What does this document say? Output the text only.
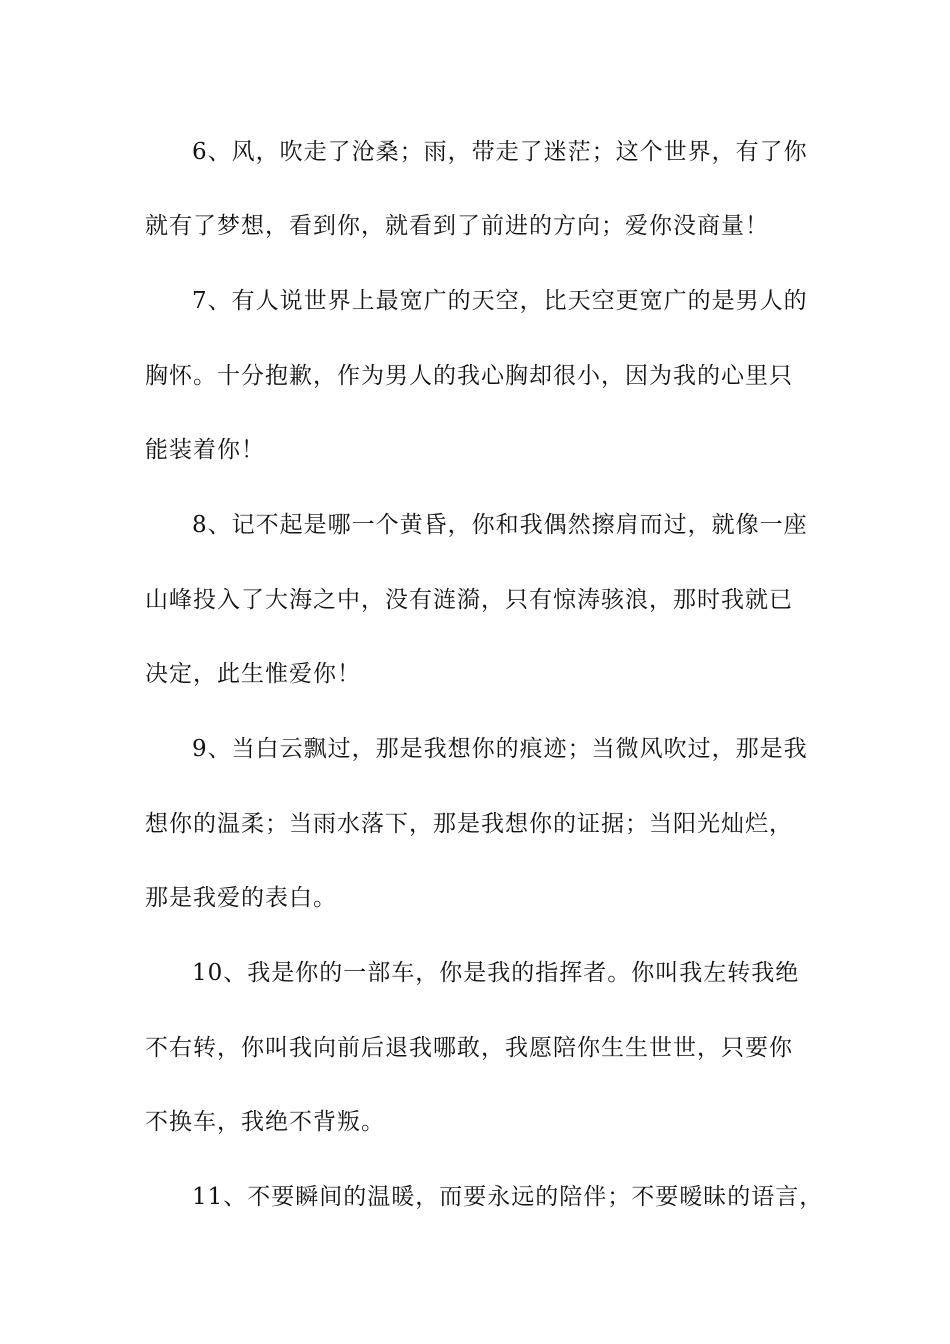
6、风，吹走了沧桑；雨，带走了迷茫；这个世界，有了你
就有了梦想，看到你，就看到了前进的方向；爱你没商量！
7、有人说世界上最宽广的天空，比天空更宽广的是男人的
胸怀。十分抱歉，作为男人的我心胸却很小，因为我的心里只
能装着你！
8、记不起是哪一个黄昏，你和我偶然擦肩而过，就像一座
山峰投入了大海之中，没有涟漪，只有惊涛骇浪，那时我就已
决定，此生惟爱你！
9、当白云飘过，那是我想你的痕迹；当微风吹过，那是我
想你的温柔；当雨水落下，那是我想你的证据；当阳光灿烂，
那是我爱的表白。
10、我是你的一部车，你是我的指挥者。你叫我左转我绝
不右转，你叫我向前后退我哪敢，我愿陪你生生世世，只要你
不换车，我绝不背叛。
11、不要瞬间的温暖，而要永远的陪伴；不要暧昧的语言，
